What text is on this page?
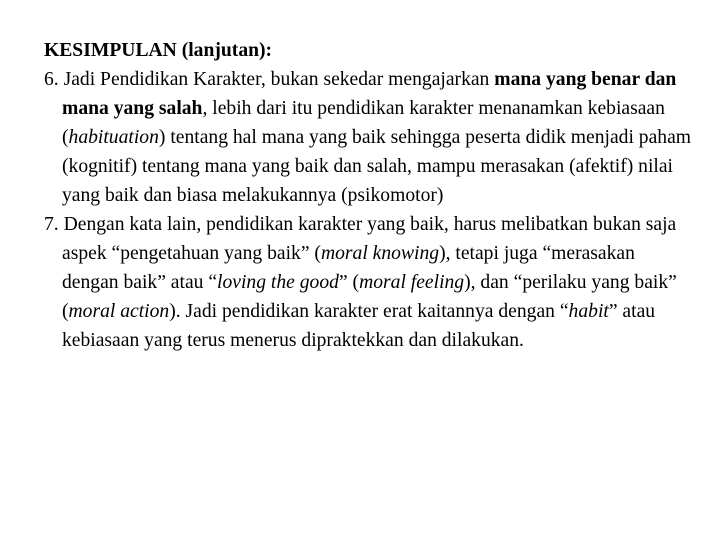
KESIMPULAN (lanjutan):

6. Jadi Pendidikan Karakter, bukan sekedar mengajarkan mana yang benar dan mana yang salah, lebih dari itu pendidikan karakter menanamkan kebiasaan (habituation) tentang hal mana yang baik sehingga peserta didik menjadi paham (kognitif) tentang mana yang baik dan salah, mampu merasakan (afektif) nilai yang baik dan biasa melakukannya (psikomotor)

7. Dengan kata lain, pendidikan karakter yang baik, harus melibatkan bukan saja aspek “pengetahuan yang baik” (moral knowing), tetapi juga “merasakan dengan baik” atau “loving the good” (moral feeling), dan “perilaku yang baik” (moral action). Jadi pendidikan karakter erat kaitannya dengan “habit” atau kebiasaan yang terus menerus dipraktekkan dan dilakukan.
